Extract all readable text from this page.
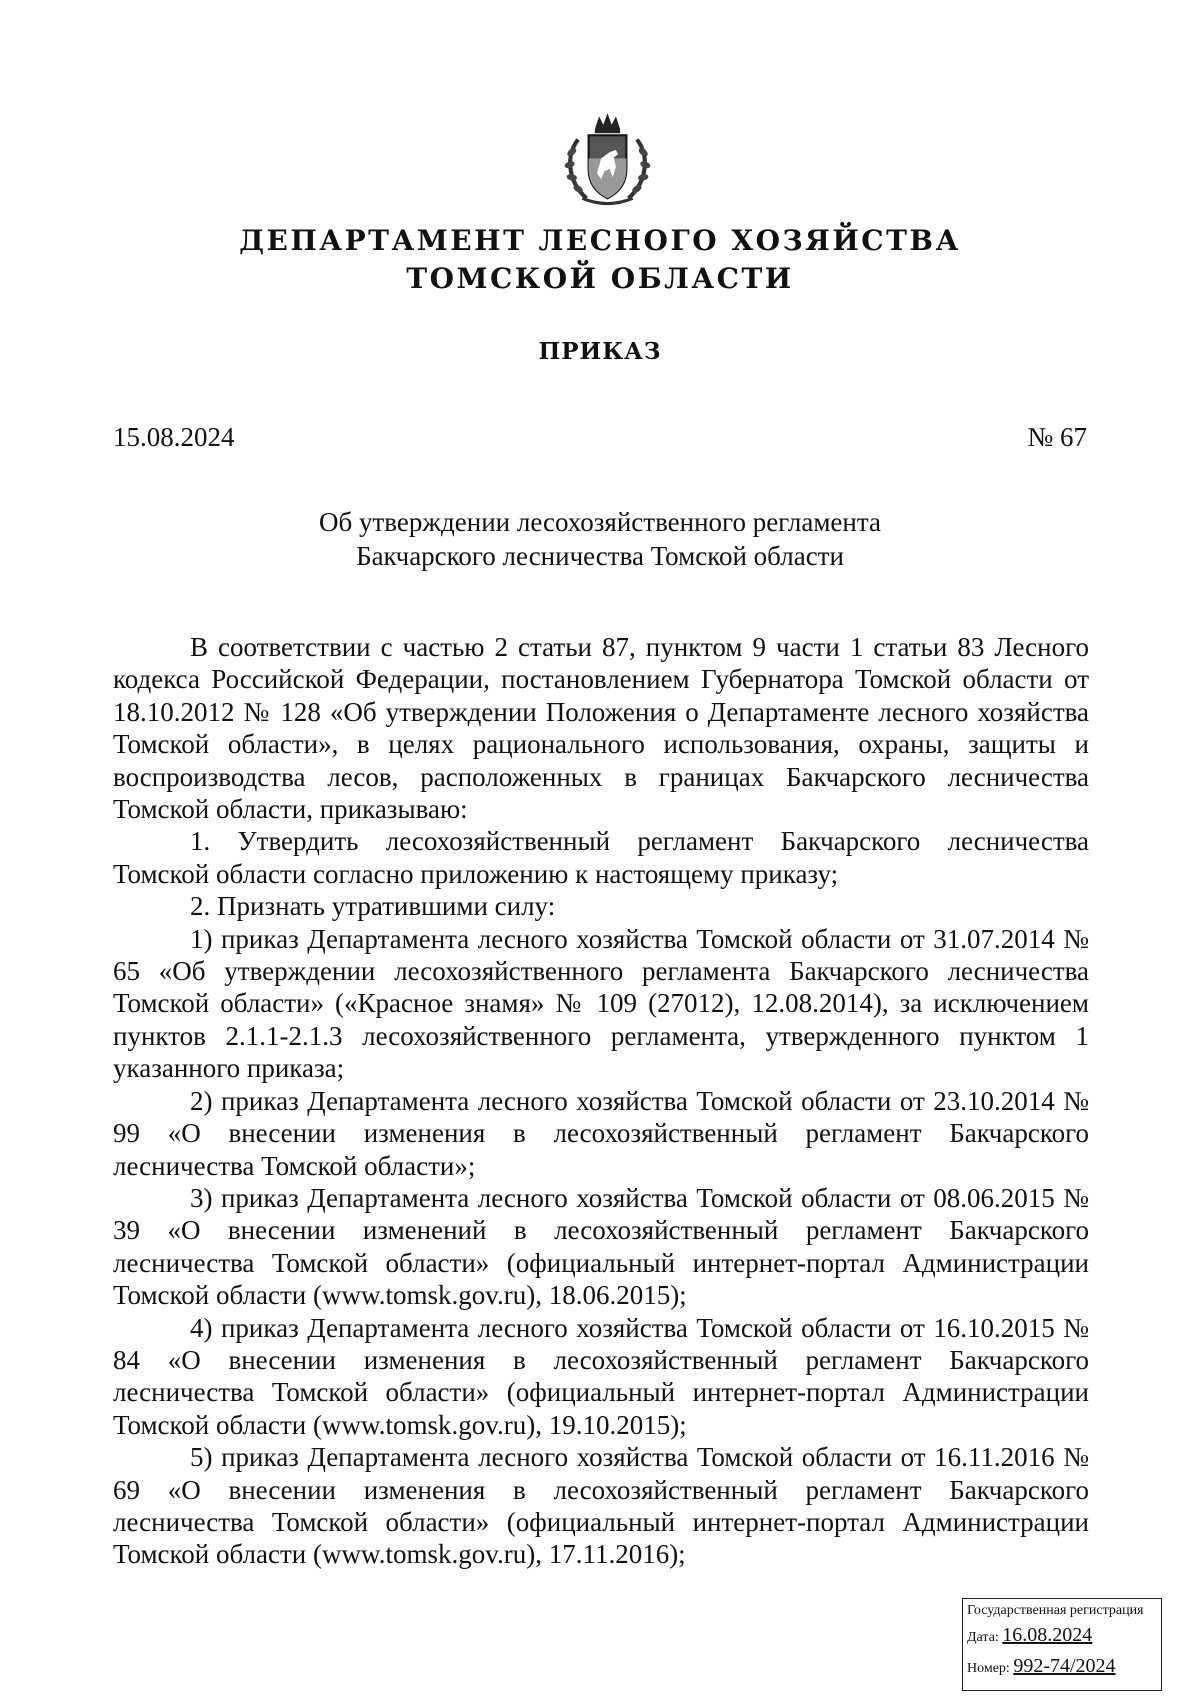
ДЕПАРТАМЕНТ ЛЕСНОГО ХОЗЯЙСТВА
ТОМСКОЙ ОБЛАСТИ
ПРИКАЗ
15.08.2024	№ 67
Об утверждении лесохозяйственного регламента
Бакчарского лесничества Томской области

В соответствии с частью 2 статьи 87, пунктом 9 части 1 статьи 83 Лесного кодекса Российской Федерации, постановлением Губернатора Томской области от 18.10.2012 № 128 «Об утверждении Положения о Департаменте лесного хозяйства Томской области», в целях рационального использования, охраны, защиты и воспроизводства лесов, расположенных в границах Бакчарского лесничества Томской области, приказываю:

1. Утвердить лесохозяйственный регламент Бакчарского лесничества Томской области согласно приложению к настоящему приказу;

2. Признать утратившими силу:

1) приказ Департамента лесного хозяйства Томской области от 31.07.2014 № 65 «Об утверждении лесохозяйственного регламента Бакчарского лесничества Томской области» («Красное знамя» № 109 (27012), 12.08.2014), за исключением пунктов 2.1.1-2.1.3 лесохозяйственного регламента, утвержденного пунктом 1 указанного приказа;

2) приказ Департамента лесного хозяйства Томской области от 23.10.2014 № 99 «О внесении изменения в лесохозяйственный регламент Бакчарского лесничества Томской области»;

3) приказ Департамента лесного хозяйства Томской области от 08.06.2015 № 39 «О внесении изменений в лесохозяйственный регламент Бакчарского лесничества Томской области» (официальный интернет-портал Администрации Томской области (www.tomsk.gov.ru), 18.06.2015);

4) приказ Департамента лесного хозяйства Томской области от 16.10.2015 № 84 «О внесении изменения в лесохозяйственный регламент Бакчарского лесничества Томской области» (официальный интернет-портал Администрации Томской области (www.tomsk.gov.ru), 19.10.2015);

5) приказ Департамента лесного хозяйства Томской области от 16.11.2016 № 69 «О внесении изменения в лесохозяйственный регламент Бакчарского лесничества Томской области» (официальный интернет-портал Администрации Томской области (www.tomsk.gov.ru), 17.11.2016);

Государственная регистрация
Дата: 16.08.2024
Номер: 992-74/2024
